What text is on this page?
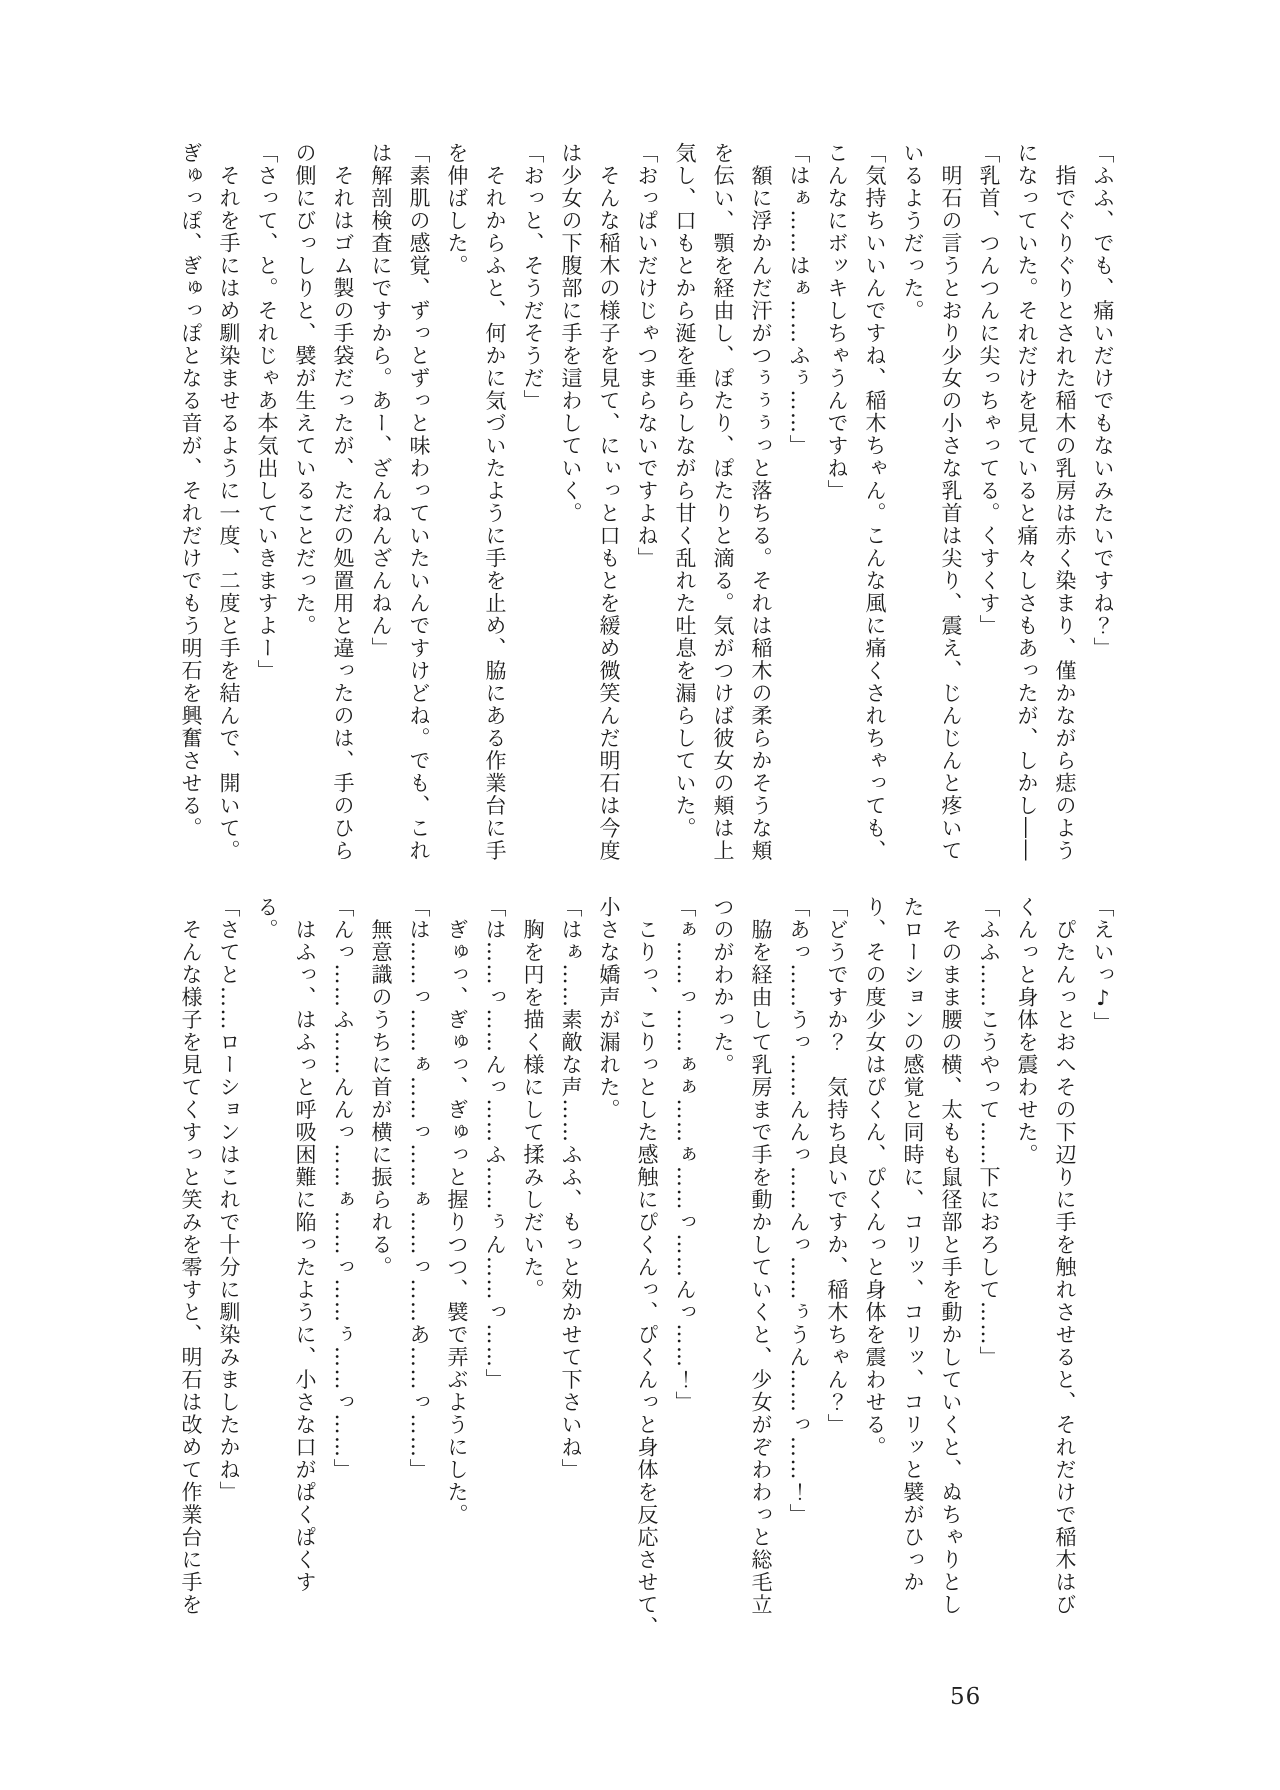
「ふふ、でも、痛いだけでもないみたいですね？」
　指でぐりぐりとされた稲木の乳房は赤く染まり、僅かながら痣のよう
になっていた。それだけを見ていると痛々しさもあったが、しかし――
「乳首、つんつんに尖っちゃってる。くすくす」
　明石の言うとおり少女の小さな乳首は尖り、震え、じんじんと疼いて
いるようだった。
「気持ちいいんですね、稲木ちゃん。こんな風に痛くされちゃっても、
こんなにボッキしちゃうんですね」
「はぁ……はぁ……ふぅ……」
　額に浮かんだ汗がつぅぅぅっと落ちる。それは稲木の柔らかそうな頬
を伝い、顎を経由し、ぽたり、ぽたりと滴る。気がつけば彼女の頬は上
気し、口もとから涎を垂らしながら甘く乱れた吐息を漏らしていた。
「おっぱいだけじゃつまらないですよね」
　そんな稲木の様子を見て、にぃっと口もとを緩め微笑んだ明石は今度
は少女の下腹部に手を這わしていく。
「おっと、そうだそうだ」
　それからふと、何かに気づいたように手を止め、脇にある作業台に手
を伸ばした。
「素肌の感覚、ずっとずっと味わっていたいんですけどね。でも、これ
は解剖検査にですから。あー、ざんねんざんねん」
　それはゴム製の手袋だったが、ただの処置用と違ったのは、手のひら
の側にびっしりと、襞が生えていることだった。
「さって、と。それじゃあ本気出していきますよー」
　それを手にはめ馴染ませるように一度、二度と手を結んで、開いて。
ぎゅっぽ、ぎゅっぽとなる音が、それだけでもう明石を興奮させる。
「えいっ♪」
　ぴたんっとおへその下辺りに手を触れさせると、それだけで稲木はび
くんっと身体を震わせた。
「ふふ……こうやって……下におろして……」
　そのまま腰の横、太もも鼠径部と手を動かしていくと、ぬちゃりとし
たローションの感覚と同時に、コリッ、コリッ、コリッと襞がひっか
り、その度少女はぴくん、ぴくんっと身体を震わせる。
「どうですか？　気持ち良いですか、稲木ちゃん？」
「あっ……うっ……んんっ……んっ……ぅうん……っ……！」
　脇を経由して乳房まで手を動かしていくと、少女がぞわわっと総毛立
つのがわかった。
「ぁ……っ……ぁぁ……ぁ……っ……んっ……！」
　こりっ、こりっとした感触にぴくんっ、ぴくんっと身体を反応させて、
小さな嬌声が漏れた。
「はぁ……素敵な声……ふふ、もっと効かせて下さいね」
　胸を円を描く様にして揉みしだいた。
「は……っ……んっ……ふ……ぅん……っ……」
　ぎゅっ、ぎゅっ、ぎゅっと握りつつ、襞で弄ぶようにした。
「は……っ……ぁ……っ……ぁ……っ……あ……っ……」
　無意識のうちに首が横に振られる。
「んっ……ふ……んんっ……ぁ……っ……ぅ……っ……」
　はふっ、はふっと呼吸困難に陥ったように、小さな口がぱくぱくす
る。
「さてと……ローションはこれで十分に馴染みましたかね」
　そんな様子を見てくすっと笑みを零すと、明石は改めて作業台に手を
56
